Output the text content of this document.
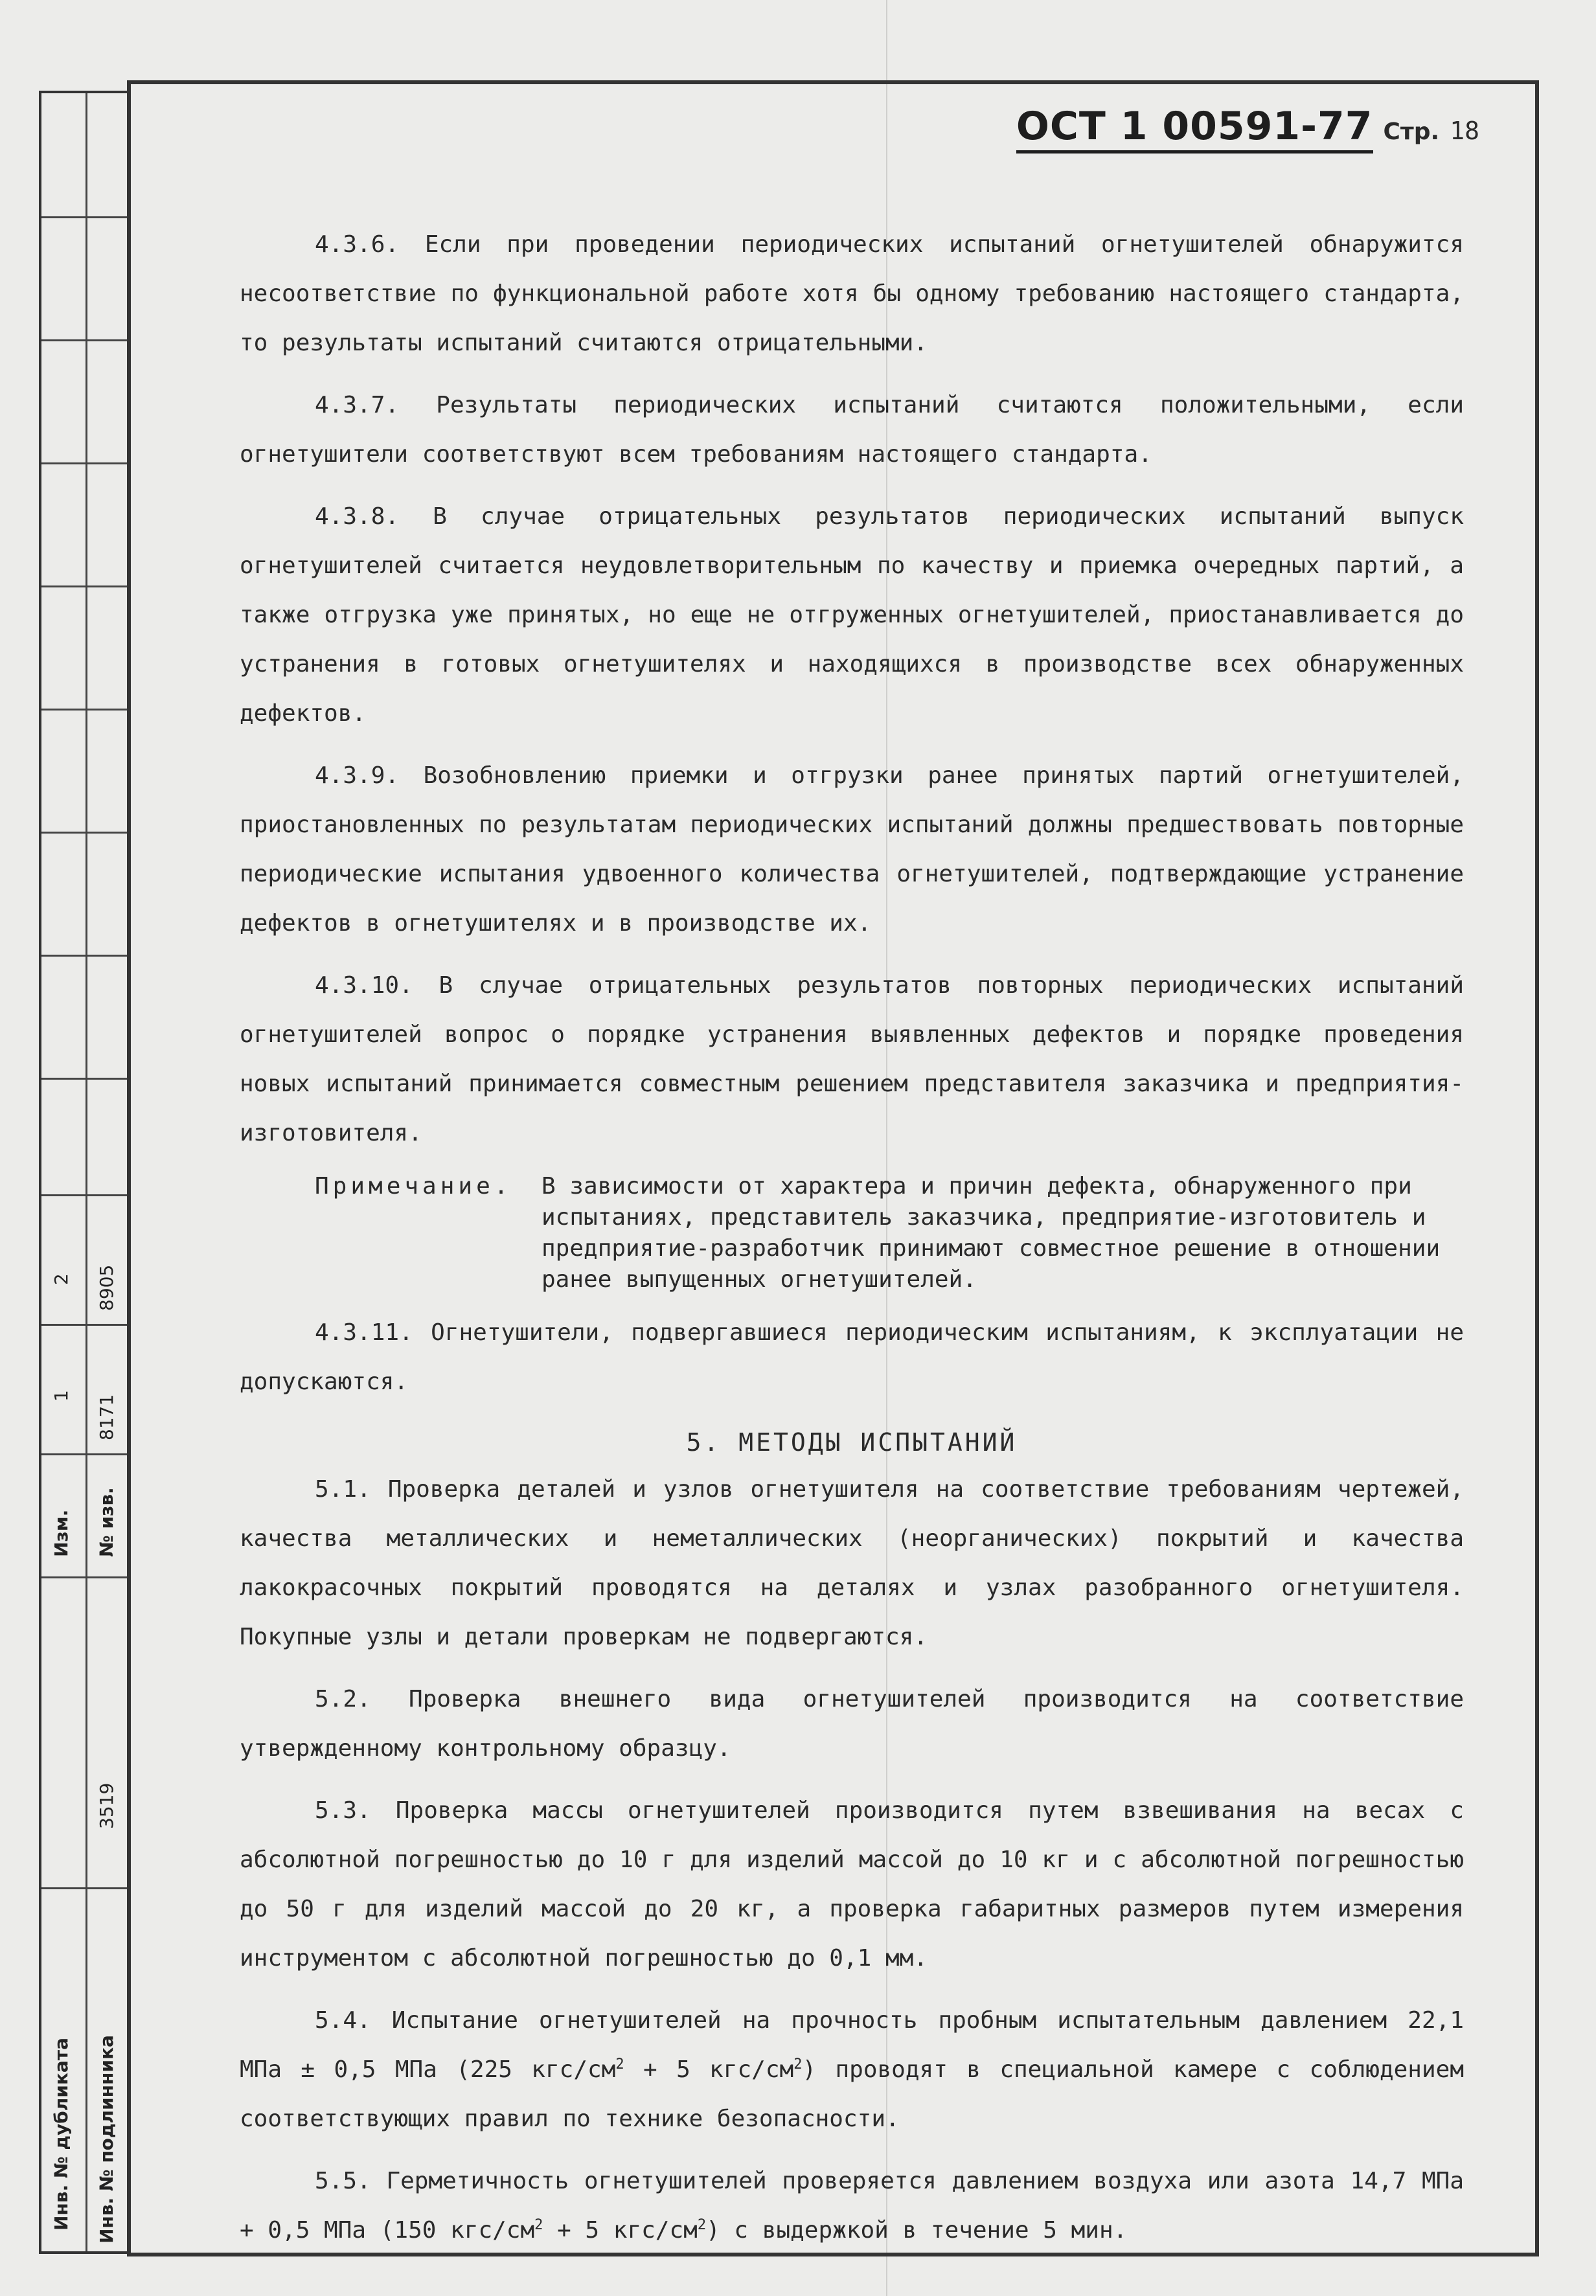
2 8905
1 8171
Изм. № изв.
3519
Инв. № дубликата Инв. № подлинника
ОСТ 1 00591-77 Стр. 18

4.3.6. Если при проведении периодических испытаний огнетушителей обнаружится несоответствие по функциональной работе хотя бы одному требованию настоящего стандарта, то результаты испытаний считаются отрицательными.

4.3.7. Результаты периодических испытаний считаются положительными, если огнетушители соответствуют всем требованиям настоящего стандарта.

4.3.8. В случае отрицательных результатов периодических испытаний выпуск огнетушителей считается неудовлетворительным по качеству и приемка очередных партий, а также отгрузка уже принятых, но еще не отгруженных огнетушителей, приостанавливается до устранения в готовых огнетушителях и находящихся в производстве всех обнаруженных дефектов.

4.3.9. Возобновлению приемки и отгрузки ранее принятых партий огнетушителей, приостановленных по результатам периодических испытаний должны предшествовать повторные периодические испытания удвоенного количества огнетушителей, подтверждающие устранение дефектов в огнетушителях и в производстве их.

4.3.10. В случае отрицательных результатов повторных периодических испытаний огнетушителей вопрос о порядке устранения выявленных дефектов и порядке проведения новых испытаний принимается совместным решением представителя заказчика и предприятия-изготовителя.

Примечание.	В зависимости от характера и причин дефекта, обнаруженного при испытаниях, представитель заказчика, предприятие-изготовитель и предприятие-разработчик принимают совместное решение в отношении ранее выпущенных огнетушителей.

4.3.11. Огнетушители, подвергавшиеся периодическим испытаниям, к эксплуатации не допускаются.

5. МЕТОДЫ ИСПЫТАНИЙ

5.1. Проверка деталей и узлов огнетушителя на соответствие требованиям чертежей, качества металлических и неметаллических (неорганических) покрытий и качества лакокрасочных покрытий проводятся на деталях и узлах разобранного огнетушителя. Покупные узлы и детали проверкам не подвергаются.

5.2. Проверка внешнего вида огнетушителей производится на соответствие утвержденному контрольному образцу.

5.3. Проверка массы огнетушителей производится путем взвешивания на весах с абсолютной погрешностью до 10 г для изделий массой до 10 кг и с абсолютной погрешностью до 50 г для изделий массой до 20 кг, а проверка габаритных размеров путем измерения инструментом с абсолютной погрешностью до 0,1 мм.

5.4. Испытание огнетушителей на прочность пробным испытательным давлением 22,1 МПа ± 0,5 МПа (225 кгс/$см^2 + 5$ кгс/$см^2$) проводят в специальной камере с соблюдением соответствующих правил по технике безопасности.

5.5. Герметичность огнетушителей проверяется давлением воздуха или азота 14,7 МПа + 0,5 МПа (150 кгс/$см^2 + 5$ кгс/$см^2$) с выдержкой в течение 5 мин.
